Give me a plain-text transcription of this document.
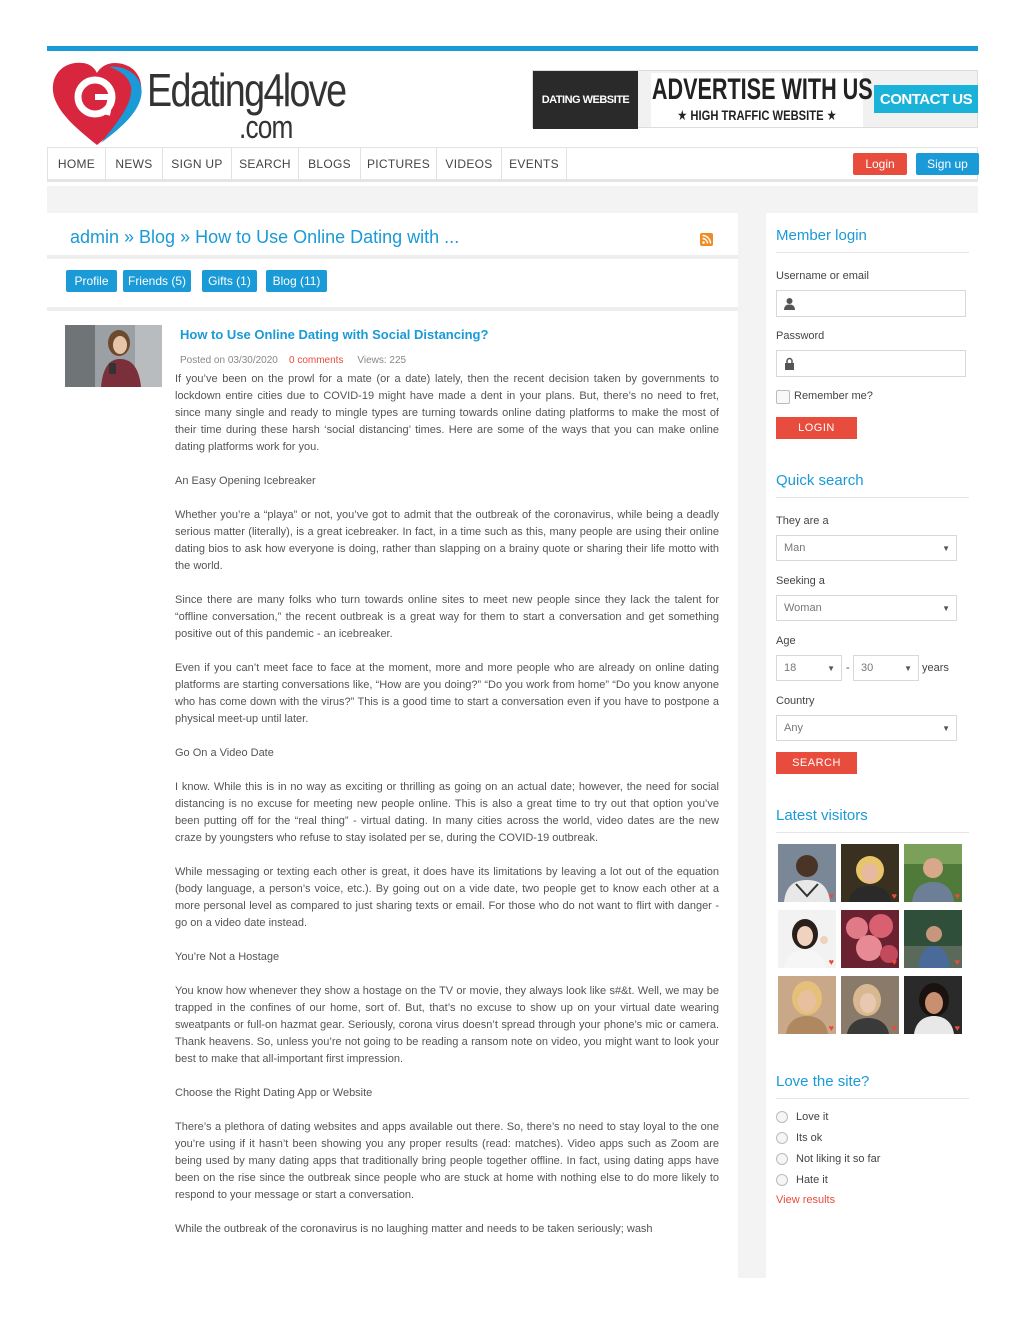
Edating4love
.com
DATING WEBSITE ADVERTISE WITH US
★ HIGH TRAFFIC WEBSITE ★
CONTACT US
HOME	NEWS	SIGN UP	SEARCH	BLOGS	PICTURES	VIDEOS	EVENTS	Login	Sign up
admin » Blog » How to Use Online Dating with ...
Profile	Friends (5)	Gifts (1)	Blog (11)
How to Use Online Dating with Social Distancing?
Posted on 03/30/2020 0 comments Views: 225

If you’ve been on the prowl for a mate (or a date) lately, then the recent decision taken by governments to lockdown entire cities due to COVID-19 might have made a dent in your plans. But, there’s no need to fret, since many single and ready to mingle types are turning towards online dating platforms to make the most of their time during these harsh ‘social distancing’ times. Here are some of the ways that you can make online dating platforms work for you.

An Easy Opening Icebreaker

Whether you’re a “playa” or not, you’ve got to admit that the outbreak of the coronavirus, while being a deadly serious matter (literally), is a great icebreaker. In fact, in a time such as this, many people are using their online dating bios to ask how everyone is doing, rather than slapping on a brainy quote or sharing their life motto with the world.

Since there are many folks who turn towards online sites to meet new people since they lack the talent for “offline conversation,” the recent outbreak is a great way for them to start a conversation and get something positive out of this pandemic - an icebreaker.

Even if you can’t meet face to face at the moment, more and more people who are already on online dating platforms are starting conversations like, “How are you doing?” “Do you work from home” “Do you know anyone who has come down with the virus?” This is a good time to start a conversation even if you have to postpone a physical meet-up until later.

Go On a Video Date

I know. While this is in no way as exciting or thrilling as going on an actual date; however, the need for social distancing is no excuse for meeting new people online. This is also a great time to try out that option you’ve been putting off for the “real thing” - virtual dating. In many cities across the world, video dates are the new craze by youngsters who refuse to stay isolated per se, during the COVID-19 outbreak.

While messaging or texting each other is great, it does have its limitations by leaving a lot out of the equation (body language, a person’s voice, etc.). By going out on a vide date, two people get to know each other at a more personal level as compared to just sharing texts or email. For those who do not want to flirt with danger - go on a video date instead.

You’re Not a Hostage

You know how whenever they show a hostage on the TV or movie, they always look like s#&t. Well, we may be trapped in the confines of our home, sort of. But, that’s no excuse to show up on your virtual date wearing sweatpants or full-on hazmat gear. Seriously, corona virus doesn’t spread through your phone’s mic or camera. Thank heavens. So, unless you’re not going to be reading a ransom note on video, you might want to look your best to make that all-important first impression.

Choose the Right Dating App or Website

There’s a plethora of dating websites and apps available out there. So, there’s no need to stay loyal to the one you’re using if it hasn’t been showing you any proper results (read: matches). Video apps such as Zoom are being used by many dating apps that traditionally bring people together offline. In fact, using dating apps have been on the rise since the outbreak since people who are stuck at home with nothing else to do more likely to respond to your message or start a conversation.

While the outbreak of the coronavirus is no laughing matter and needs to be taken seriously; wash

Member login
Username or email
Password
Remember me?
LOGIN
Quick search
They are a
Man	▼
Seeking a
Woman	▼
Age
18	▼ - 30	▼ years
Country
Any	▼
SEARCH
Latest visitors
♥	♥	♥
♥	♥	♥
♥	♥	♥
Love the site?
Love it
Its ok
Not liking it so far
Hate it
View results
